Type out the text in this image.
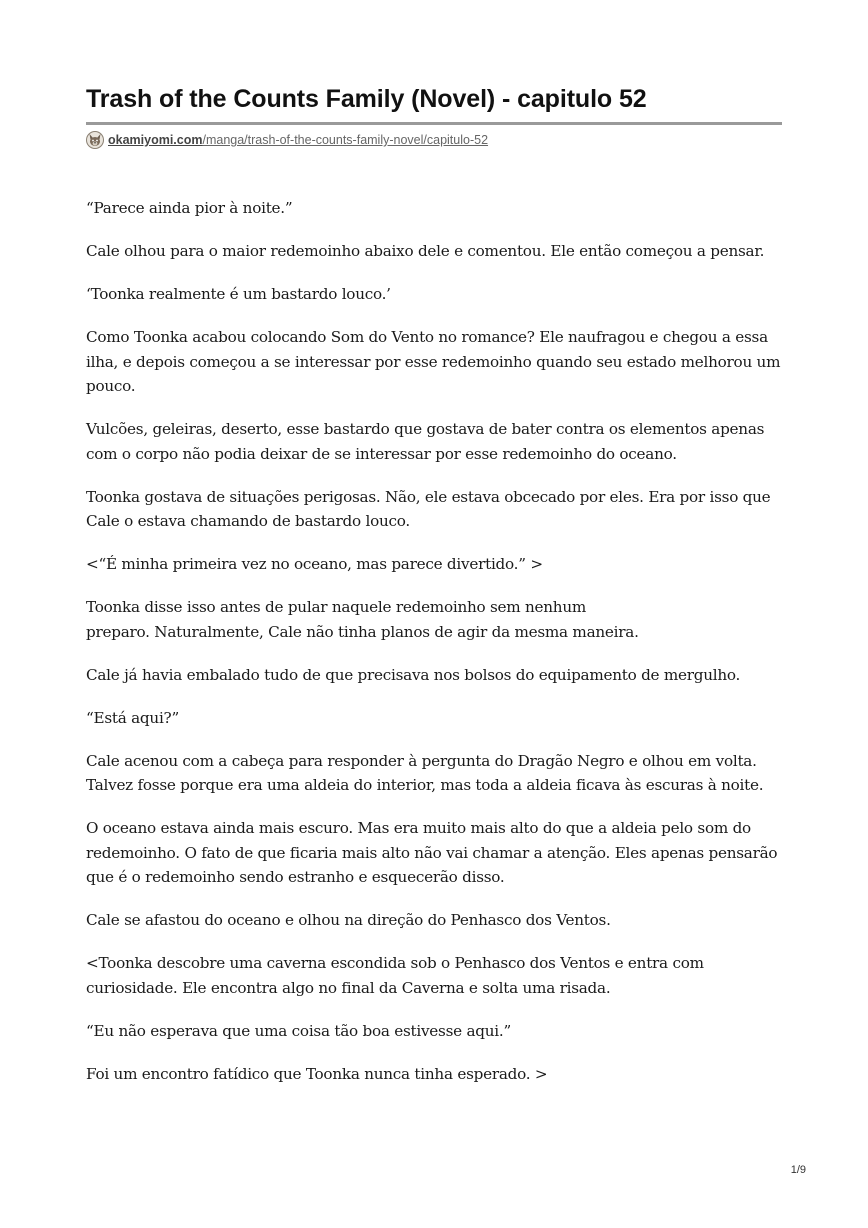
Trash of the Counts Family (Novel) - capitulo 52
okamiyomi.com/manga/trash-of-the-counts-family-novel/capitulo-52

“Parece ainda pior à noite.”

Cale olhou para o maior redemoinho abaixo dele e comentou. Ele então começou a pensar.

‘Toonka realmente é um bastardo louco.’

Como Toonka acabou colocando Som do Vento no romance? Ele naufragou e chegou a essa ilha, e depois começou a se interessar por esse redemoinho quando seu estado melhorou um pouco.

Vulcões, geleiras, deserto, esse bastardo que gostava de bater contra os elementos apenas com o corpo não podia deixar de se interessar por esse redemoinho do oceano.

Toonka gostava de situações perigosas. Não, ele estava obcecado por eles. Era por isso que Cale o estava chamando de bastardo louco.

<“É minha primeira vez no oceano, mas parece divertido.” >

Toonka disse isso antes de pular naquele redemoinho sem nenhum
preparo. Naturalmente, Cale não tinha planos de agir da mesma maneira.

Cale já havia embalado tudo de que precisava nos bolsos do equipamento de mergulho.

“Está aqui?”

Cale acenou com a cabeça para responder à pergunta do Dragão Negro e olhou em volta. Talvez fosse porque era uma aldeia do interior, mas toda a aldeia ficava às escuras à noite.

O oceano estava ainda mais escuro. Mas era muito mais alto do que a aldeia pelo som do redemoinho. O fato de que ficaria mais alto não vai chamar a atenção. Eles apenas pensarão que é o redemoinho sendo estranho e esquecerão disso.

Cale se afastou do oceano e olhou na direção do Penhasco dos Ventos.

<Toonka descobre uma caverna escondida sob o Penhasco dos Ventos e entra com curiosidade. Ele encontra algo no final da Caverna e solta uma risada.

“Eu não esperava que uma coisa tão boa estivesse aqui.”

Foi um encontro fatídico que Toonka nunca tinha esperado. >

1/9
